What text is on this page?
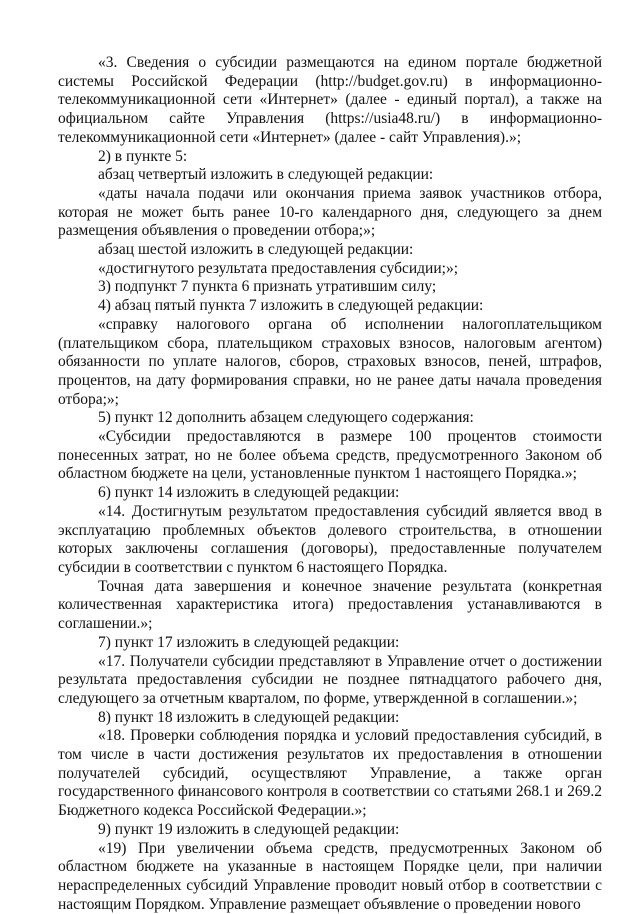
«3. Сведения о субсидии размещаются на едином портале бюджетной системы Российской Федерации (http://budget.gov.ru) в информационно-телекоммуникационной сети «Интернет» (далее - единый портал), а также на официальном сайте Управления (https://usia48.ru/) в информационно-телекоммуникационной сети «Интернет» (далее - сайт Управления).»;

2) в пункте 5:

абзац четвертый изложить в следующей редакции:

«даты начала подачи или окончания приема заявок участников отбора, которая не может быть ранее 10-го календарного дня, следующего за днем размещения объявления о проведении отбора;»;

абзац шестой изложить в следующей редакции:

«достигнутого результата предоставления субсидии;»;

3) подпункт 7 пункта 6 признать утратившим силу;

4) абзац пятый пункта 7 изложить в следующей редакции:

«справку налогового органа об исполнении налогоплательщиком (плательщиком сбора, плательщиком страховых взносов, налоговым агентом) обязанности по уплате налогов, сборов, страховых взносов, пеней, штрафов, процентов, на дату формирования справки, но не ранее даты начала проведения отбора;»;

5) пункт 12 дополнить абзацем следующего содержания:

«Субсидии предоставляются в размере 100 процентов стоимости понесенных затрат, но не более объема средств, предусмотренного Законом об областном бюджете на цели, установленные пунктом 1 настоящего Порядка.»;

6) пункт 14 изложить в следующей редакции:

«14. Достигнутым результатом предоставления субсидий является ввод в эксплуатацию проблемных объектов долевого строительства, в отношении которых заключены соглашения (договоры), предоставленные получателем субсидии в соответствии с пунктом 6 настоящего Порядка.

Точная дата завершения и конечное значение результата (конкретная количественная характеристика итога) предоставления устанавливаются в соглашении.»;

7) пункт 17 изложить в следующей редакции:

«17. Получатели субсидии представляют в Управление отчет о достижении результата предоставления субсидии не позднее пятнадцатого рабочего дня, следующего за отчетным кварталом, по форме, утвержденной в соглашении.»;

8) пункт 18 изложить в следующей редакции:

«18. Проверки соблюдения порядка и условий предоставления субсидий, в том числе в части достижения результатов их предоставления в отношении получателей субсидий, осуществляют Управление, а также орган государственного финансового контроля в соответствии со статьями 268.1 и 269.2 Бюджетного кодекса Российской Федерации.»;

9) пункт 19 изложить в следующей редакции:

«19) При увеличении объема средств, предусмотренных Законом об областном бюджете на указанные в настоящем Порядке цели, при наличии нераспределенных субсидий Управление проводит новый отбор в соответствии с настоящим Порядком. Управление размещает объявление о проведении нового
